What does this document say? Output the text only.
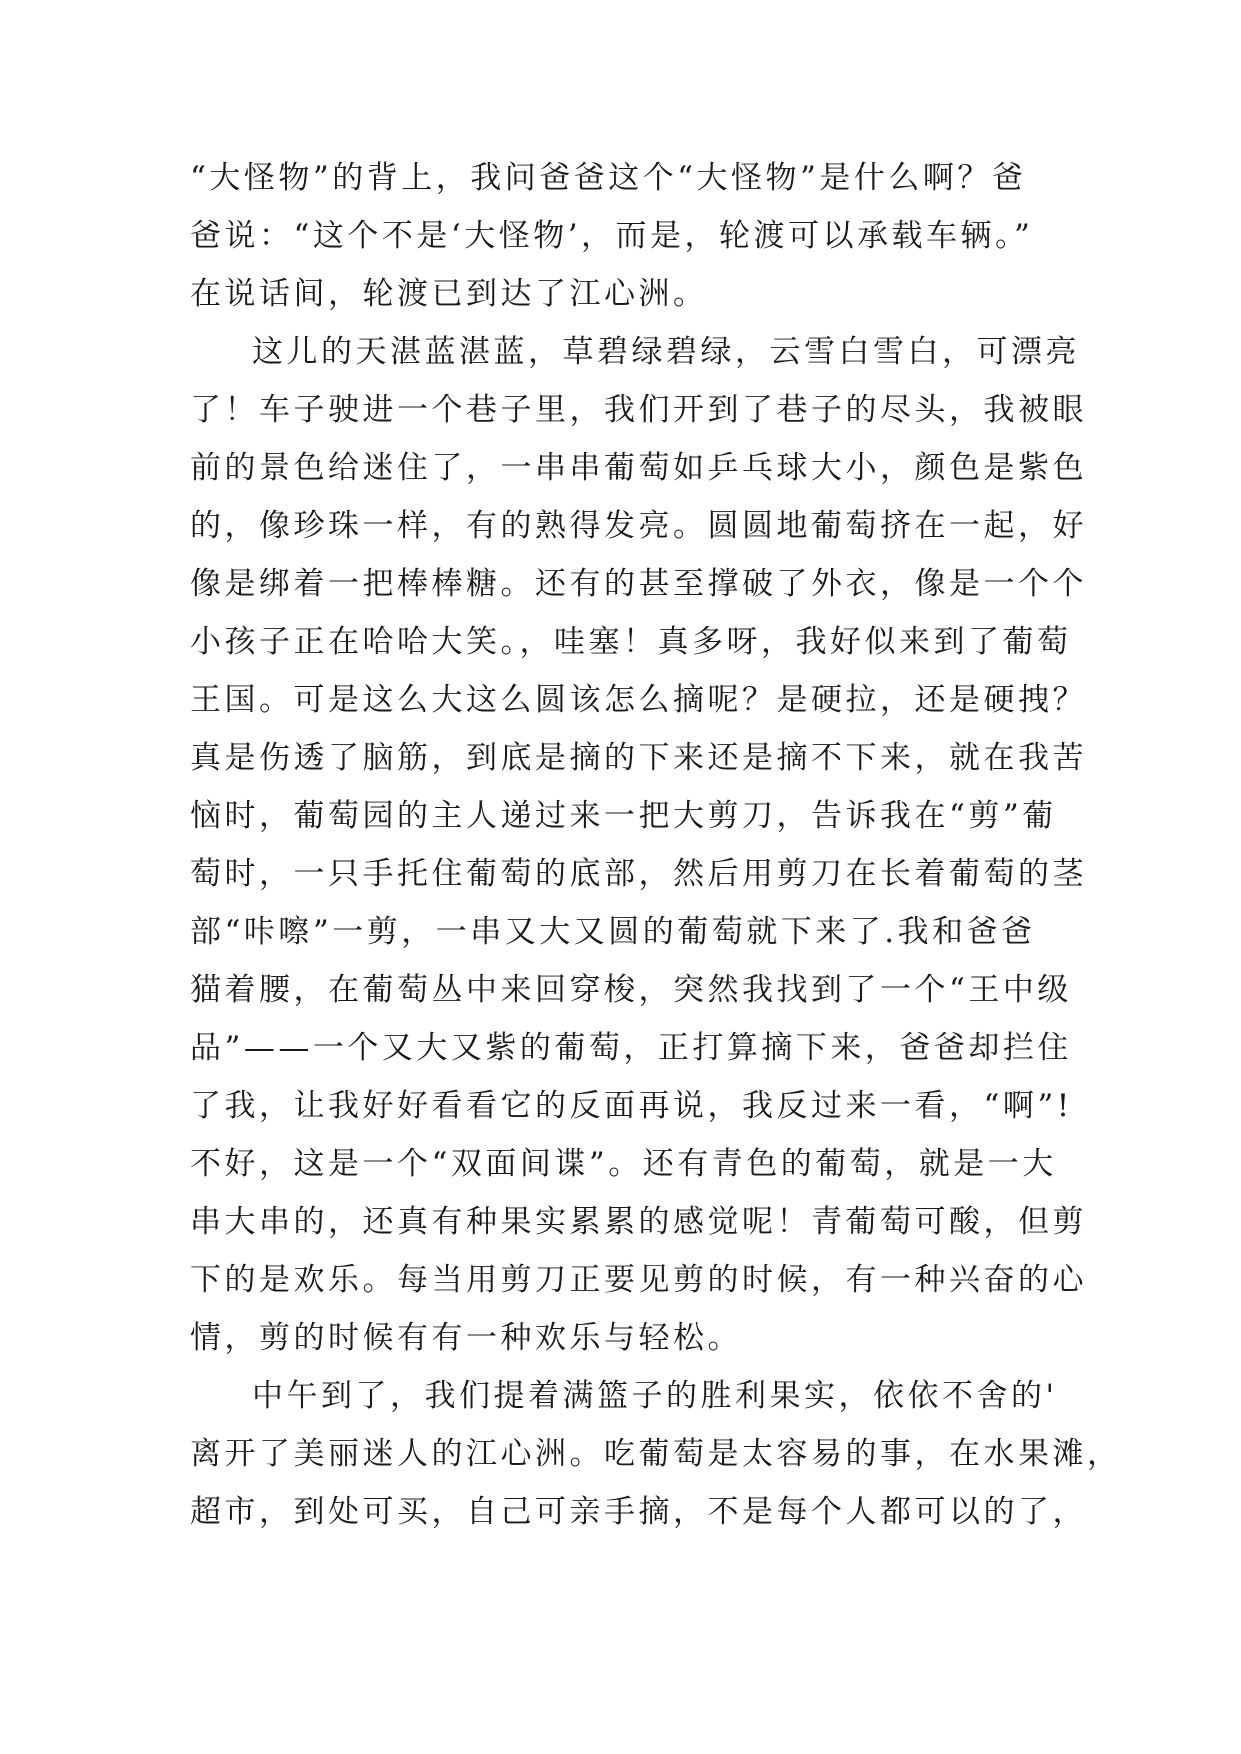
“大怪物”的背上，我问爸爸这个“大怪物”是什么啊？爸
爸说：“这个不是‘大怪物’，而是，轮渡可以承载车辆。”
在说话间，轮渡已到达了江心洲。
这儿的天湛蓝湛蓝，草碧绿碧绿，云雪白雪白，可漂亮
了！车子驶进一个巷子里，我们开到了巷子的尽头，我被眼
前的景色给迷住了，一串串葡萄如乒乓球大小，颜色是紫色
的，像珍珠一样，有的熟得发亮。圆圆地葡萄挤在一起，好
像是绑着一把棒棒糖。还有的甚至撑破了外衣，像是一个个
小孩子正在哈哈大笑。，哇塞！真多呀，我好似来到了葡萄
王国。可是这么大这么圆该怎么摘呢？是硬拉，还是硬拽？
真是伤透了脑筋，到底是摘的下来还是摘不下来，就在我苦
恼时，葡萄园的主人递过来一把大剪刀，告诉我在“剪”葡
萄时，一只手托住葡萄的底部，然后用剪刀在长着葡萄的茎
部“咔嚓”一剪，一串又大又圆的葡萄就下来了.我和爸爸
猫着腰，在葡萄丛中来回穿梭，突然我找到了一个“王中级
品”——一个又大又紫的葡萄，正打算摘下来，爸爸却拦住
了我，让我好好看看它的反面再说，我反过来一看，“啊”!
不好，这是一个“双面间谍”。还有青色的葡萄，就是一大
串大串的，还真有种果实累累的感觉呢！青葡萄可酸，但剪
下的是欢乐。每当用剪刀正要见剪的时候，有一种兴奋的心
情，剪的时候有有一种欢乐与轻松。
中午到了，我们提着满篮子的胜利果实，依依不舍的'
离开了美丽迷人的江心洲。吃葡萄是太容易的事，在水果滩，
超市，到处可买，自己可亲手摘，不是每个人都可以的了，
